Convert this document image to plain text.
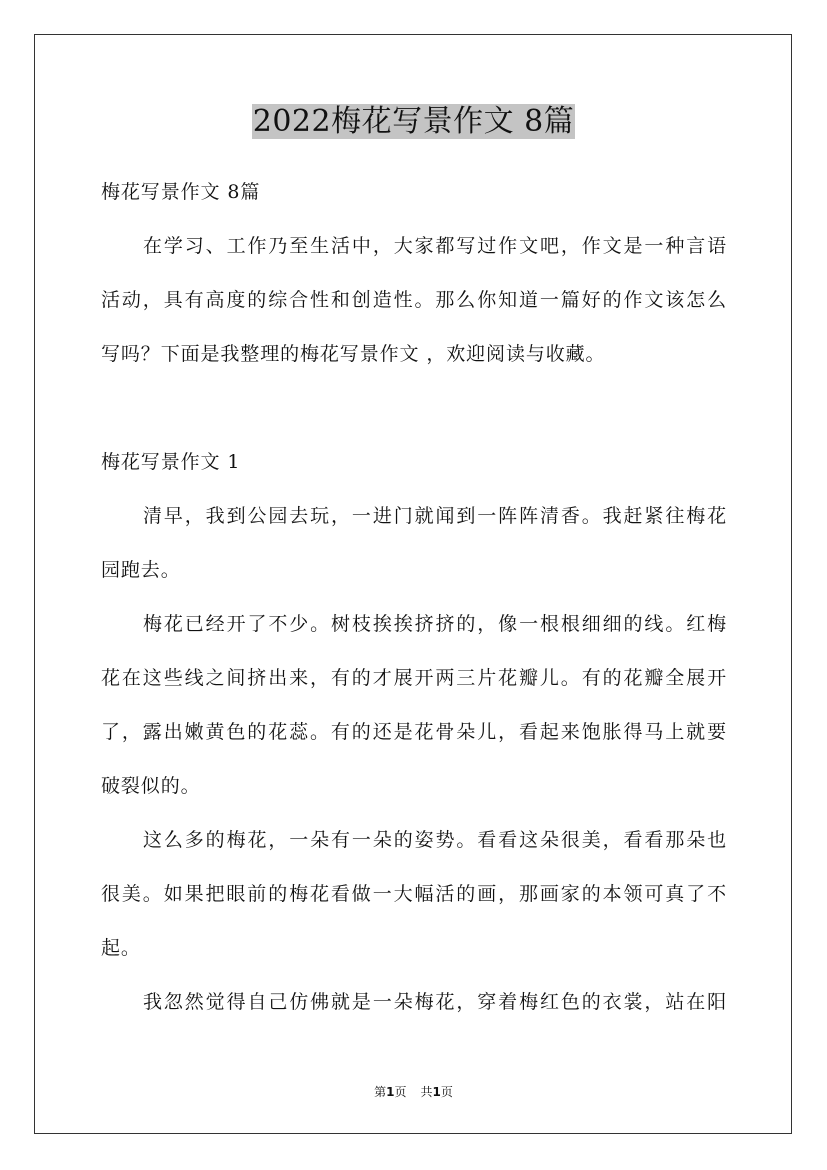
2022梅花写景作文 8篇
梅花写景作文 8篇
在学习、工作乃至生活中，大家都写过作文吧，作文是一种言语
活动，具有高度的综合性和创造性。那么你知道一篇好的作文该怎么
写吗？下面是我整理的梅花写景作文 ，欢迎阅读与收藏。
梅花写景作文 1
清早，我到公园去玩，一进门就闻到一阵阵清香。我赶紧往梅花
园跑去。
梅花已经开了不少。树枝挨挨挤挤的，像一根根细细的线。红梅
花在这些线之间挤出来，有的才展开两三片花瓣儿。有的花瓣全展开
了，露出嫩黄色的花蕊。有的还是花骨朵儿，看起来饱胀得马上就要
破裂似的。
这么多的梅花，一朵有一朵的姿势。看看这朵很美，看看那朵也
很美。如果把眼前的梅花看做一大幅活的画，那画家的本领可真了不
起。
我忽然觉得自己仿佛就是一朵梅花，穿着梅红色的衣裳，站在阳
第1页 共1页
